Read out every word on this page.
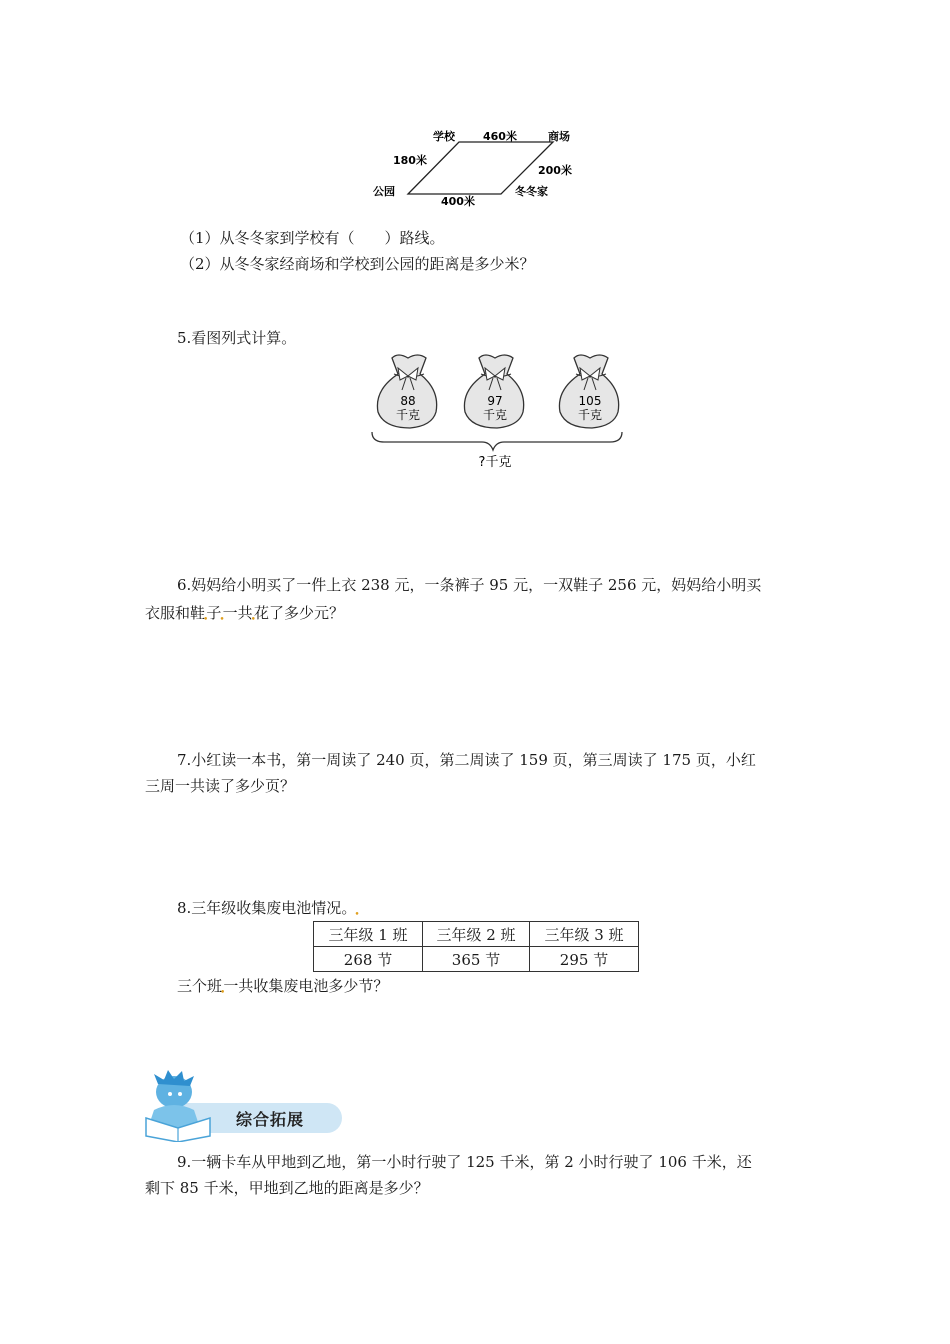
学校	460米	商场
180米
200米
公园	冬冬家
400米
（1）从冬冬家到学校有（　　）路线。
（2）从冬冬家经商场和学校到公园的距离是多少米？
5.看图列式计算。
88
千克
97
千克
105
千克
?千克
6.妈妈给小明买了一件上衣 238 元，一条裤子 95 元，一双鞋子 256 元，妈妈给小明买
衣服和鞋$_•$子$_•$一共$_•$花了多少元？
7.小红读一本书，第一周读了 240 页，第二周读了 159 页，第三周读了 175 页，小红
三周一共读了多少页？
8.三年级收集废电池情况。$_•$
三年级 1 班	三年级 2 班	三年级 3 班
268 节	365 节	295 节
三个班$_•$一共收集废电池多少节？
综合拓展
9.一辆卡车从甲地到乙地，第一小时行驶了 125 千米，第 2 小时行驶了 106 千米，还
剩下 85 千米，甲地到乙地的距离是多少？
